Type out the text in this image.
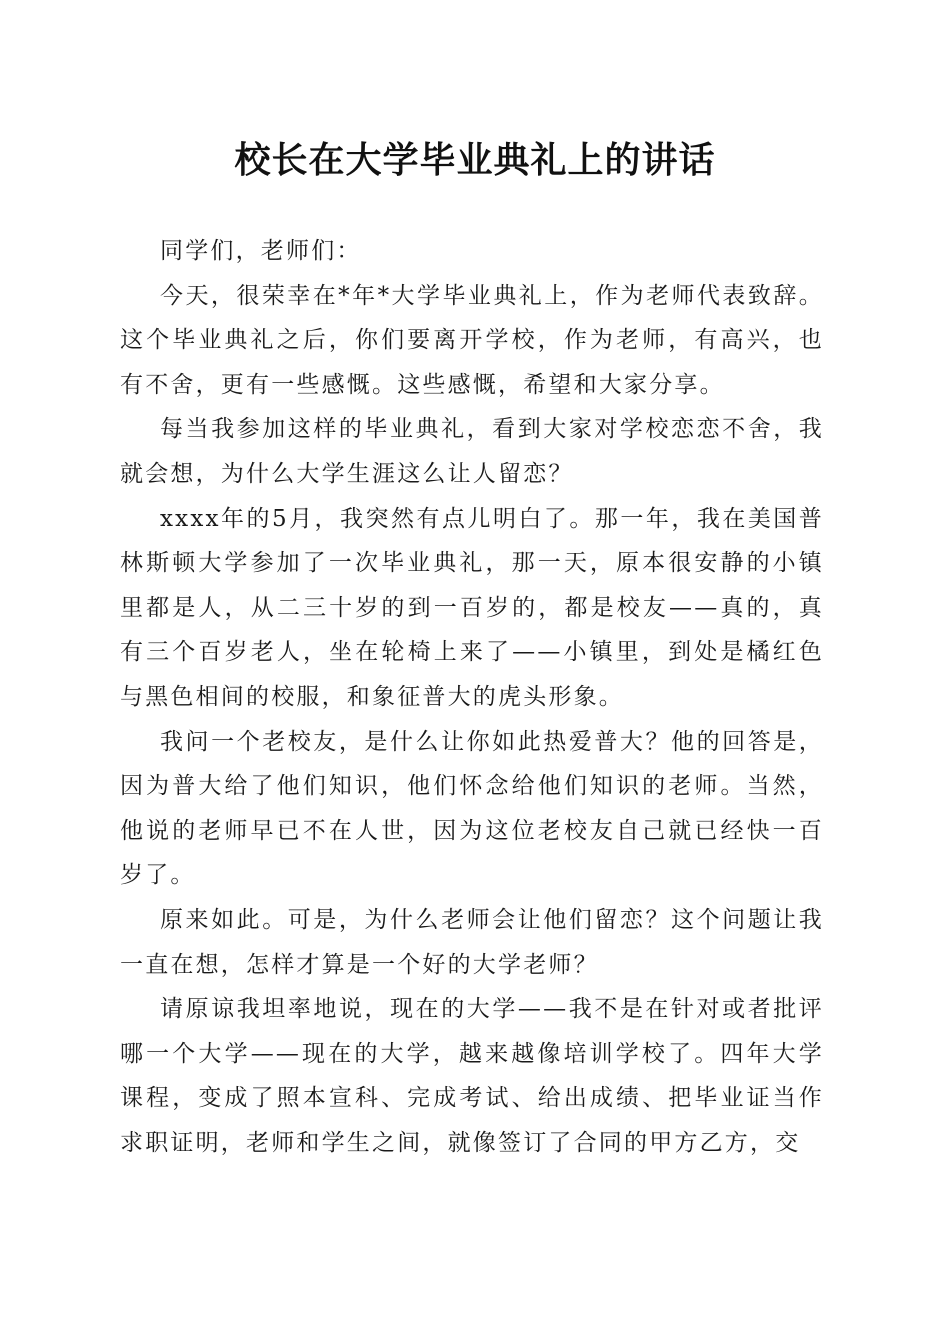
校长在大学毕业典礼上的讲话

同学们，老师们：

今天，很荣幸在*年*大学毕业典礼上，作为老师代表致辞。这个毕业典礼之后，你们要离开学校，作为老师，有高兴，也有不舍，更有一些感慨。这些感慨，希望和大家分享。

每当我参加这样的毕业典礼，看到大家对学校恋恋不舍，我就会想，为什么大学生涯这么让人留恋？

xxxx年的5月，我突然有点儿明白了。那一年，我在美国普林斯顿大学参加了一次毕业典礼，那一天，原本很安静的小镇里都是人，从二三十岁的到一百岁的，都是校友——真的，真有三个百岁老人，坐在轮椅上来了——小镇里，到处是橘红色与黑色相间的校服，和象征普大的虎头形象。

我问一个老校友，是什么让你如此热爱普大？他的回答是，因为普大给了他们知识，他们怀念给他们知识的老师。当然，他说的老师早已不在人世，因为这位老校友自己就已经快一百岁了。

原来如此。可是，为什么老师会让他们留恋？这个问题让我一直在想，怎样才算是一个好的大学老师？

请原谅我坦率地说，现在的大学——我不是在针对或者批评哪一个大学——现在的大学，越来越像培训学校了。四年大学课程，变成了照本宣科、完成考试、给出成绩、把毕业证当作求职证明，老师和学生之间，就像签订了合同的甲方乙方，交
